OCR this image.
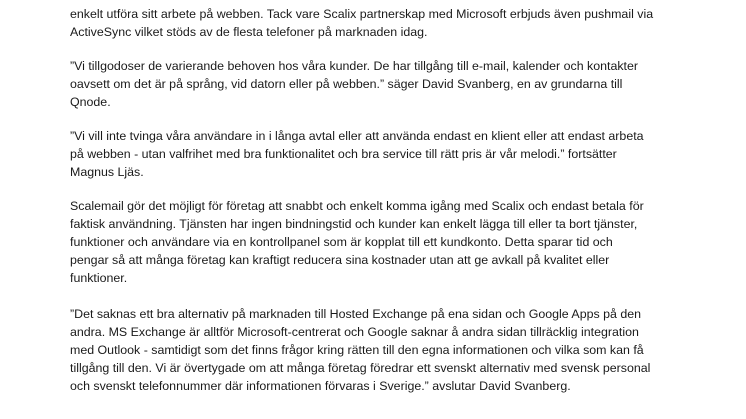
enkelt utföra sitt arbete på webben. Tack vare Scalix partnerskap med Microsoft erbjuds även pushmail via
ActiveSync vilket stöds av de flesta telefoner på marknaden idag.

”Vi tillgodoser de varierande behoven hos våra kunder. De har tillgång till e-mail, kalender och kontakter
oavsett om det är på språng, vid datorn eller på webben.” säger David Svanberg, en av grundarna till
Qnode.

”Vi vill inte tvinga våra användare in i långa avtal eller att använda endast en klient eller att endast arbeta
på webben - utan valfrihet med bra funktionalitet och bra service till rätt pris är vår melodi.” fortsätter
Magnus Ljäs.

Scalemail gör det möjligt för företag att snabbt och enkelt komma igång med Scalix och endast betala för
faktisk användning. Tjänsten har ingen bindningstid och kunder kan enkelt lägga till eller ta bort tjänster,
funktioner och användare via en kontrollpanel som är kopplat till ett kundkonto. Detta sparar tid och
pengar så att många företag kan kraftigt reducera sina kostnader utan att ge avkall på kvalitet eller
funktioner.

”Det saknas ett bra alternativ på marknaden till Hosted Exchange på ena sidan och Google Apps på den
andra. MS Exchange är alltför Microsoft-centrerat och Google saknar å andra sidan tillräcklig integration
med Outlook - samtidigt som det finns frågor kring rätten till den egna informationen och vilka som kan få
tillgång till den. Vi är övertygade om att många företag föredrar ett svenskt alternativ med svensk personal
och svenskt telefonnummer där informationen förvaras i Sverige.” avslutar David Svanberg.
